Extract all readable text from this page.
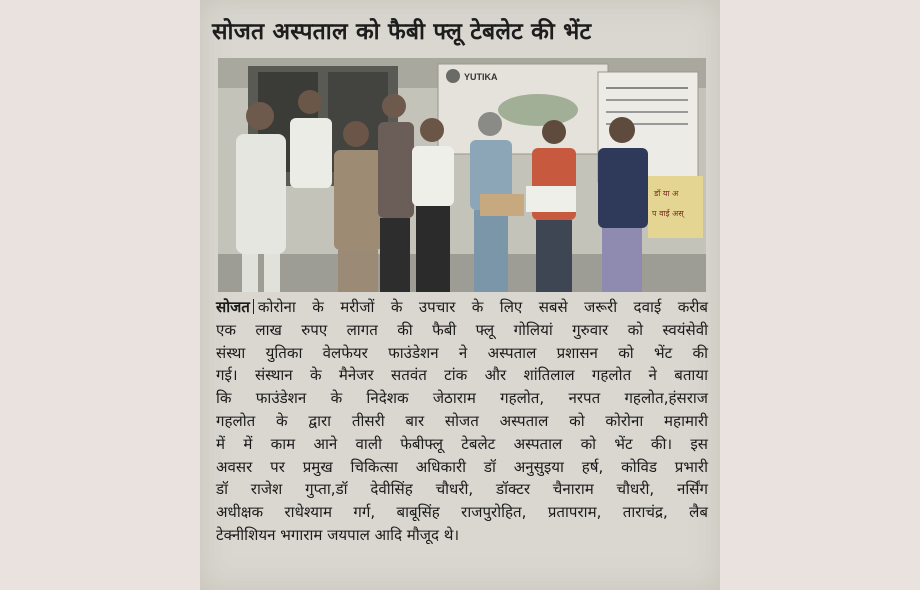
सोजत अस्पताल को फैबी फ्लू टेबलेट की भेंट
YUTIKA
डॉ या अ
प वाई अस्
सोजत कोरोना के मरीजों के उपचार के लिए सबसे जरूरी दवाई करीब
एक लाख रुपए लागत की फैबी फ्लू गोलियां गुरुवार को स्वयंसेवी
संस्था युतिका वेलफेयर फाउंडेशन ने अस्पताल प्रशासन को भेंट की
गई। संस्थान के मैनेजर सतवंत टांक और शांतिलाल गहलोत ने बताया
कि फाउंडेशन के निदेशक जेठाराम गहलोत, नरपत गहलोत,हंसराज
गहलोत के द्वारा तीसरी बार सोजत अस्पताल को कोरोना महामारी
में में काम आने वाली फेबीफ्लू टेबलेट अस्पताल को भेंट की। इस
अवसर पर प्रमुख चिकित्सा अधिकारी डॉ अनुसुइया हर्ष, कोविड प्रभारी
डॉ राजेश गुप्ता,डॉ देवीसिंह चौधरी, डॉक्टर चैनाराम चौधरी, नर्सिंग
अधीक्षक राधेश्याम गर्ग, बाबूसिंह राजपुरोहित, प्रतापराम, ताराचंद्र, लैब
टेक्नीशियन भगाराम जयपाल आदि मौजूद थे।
